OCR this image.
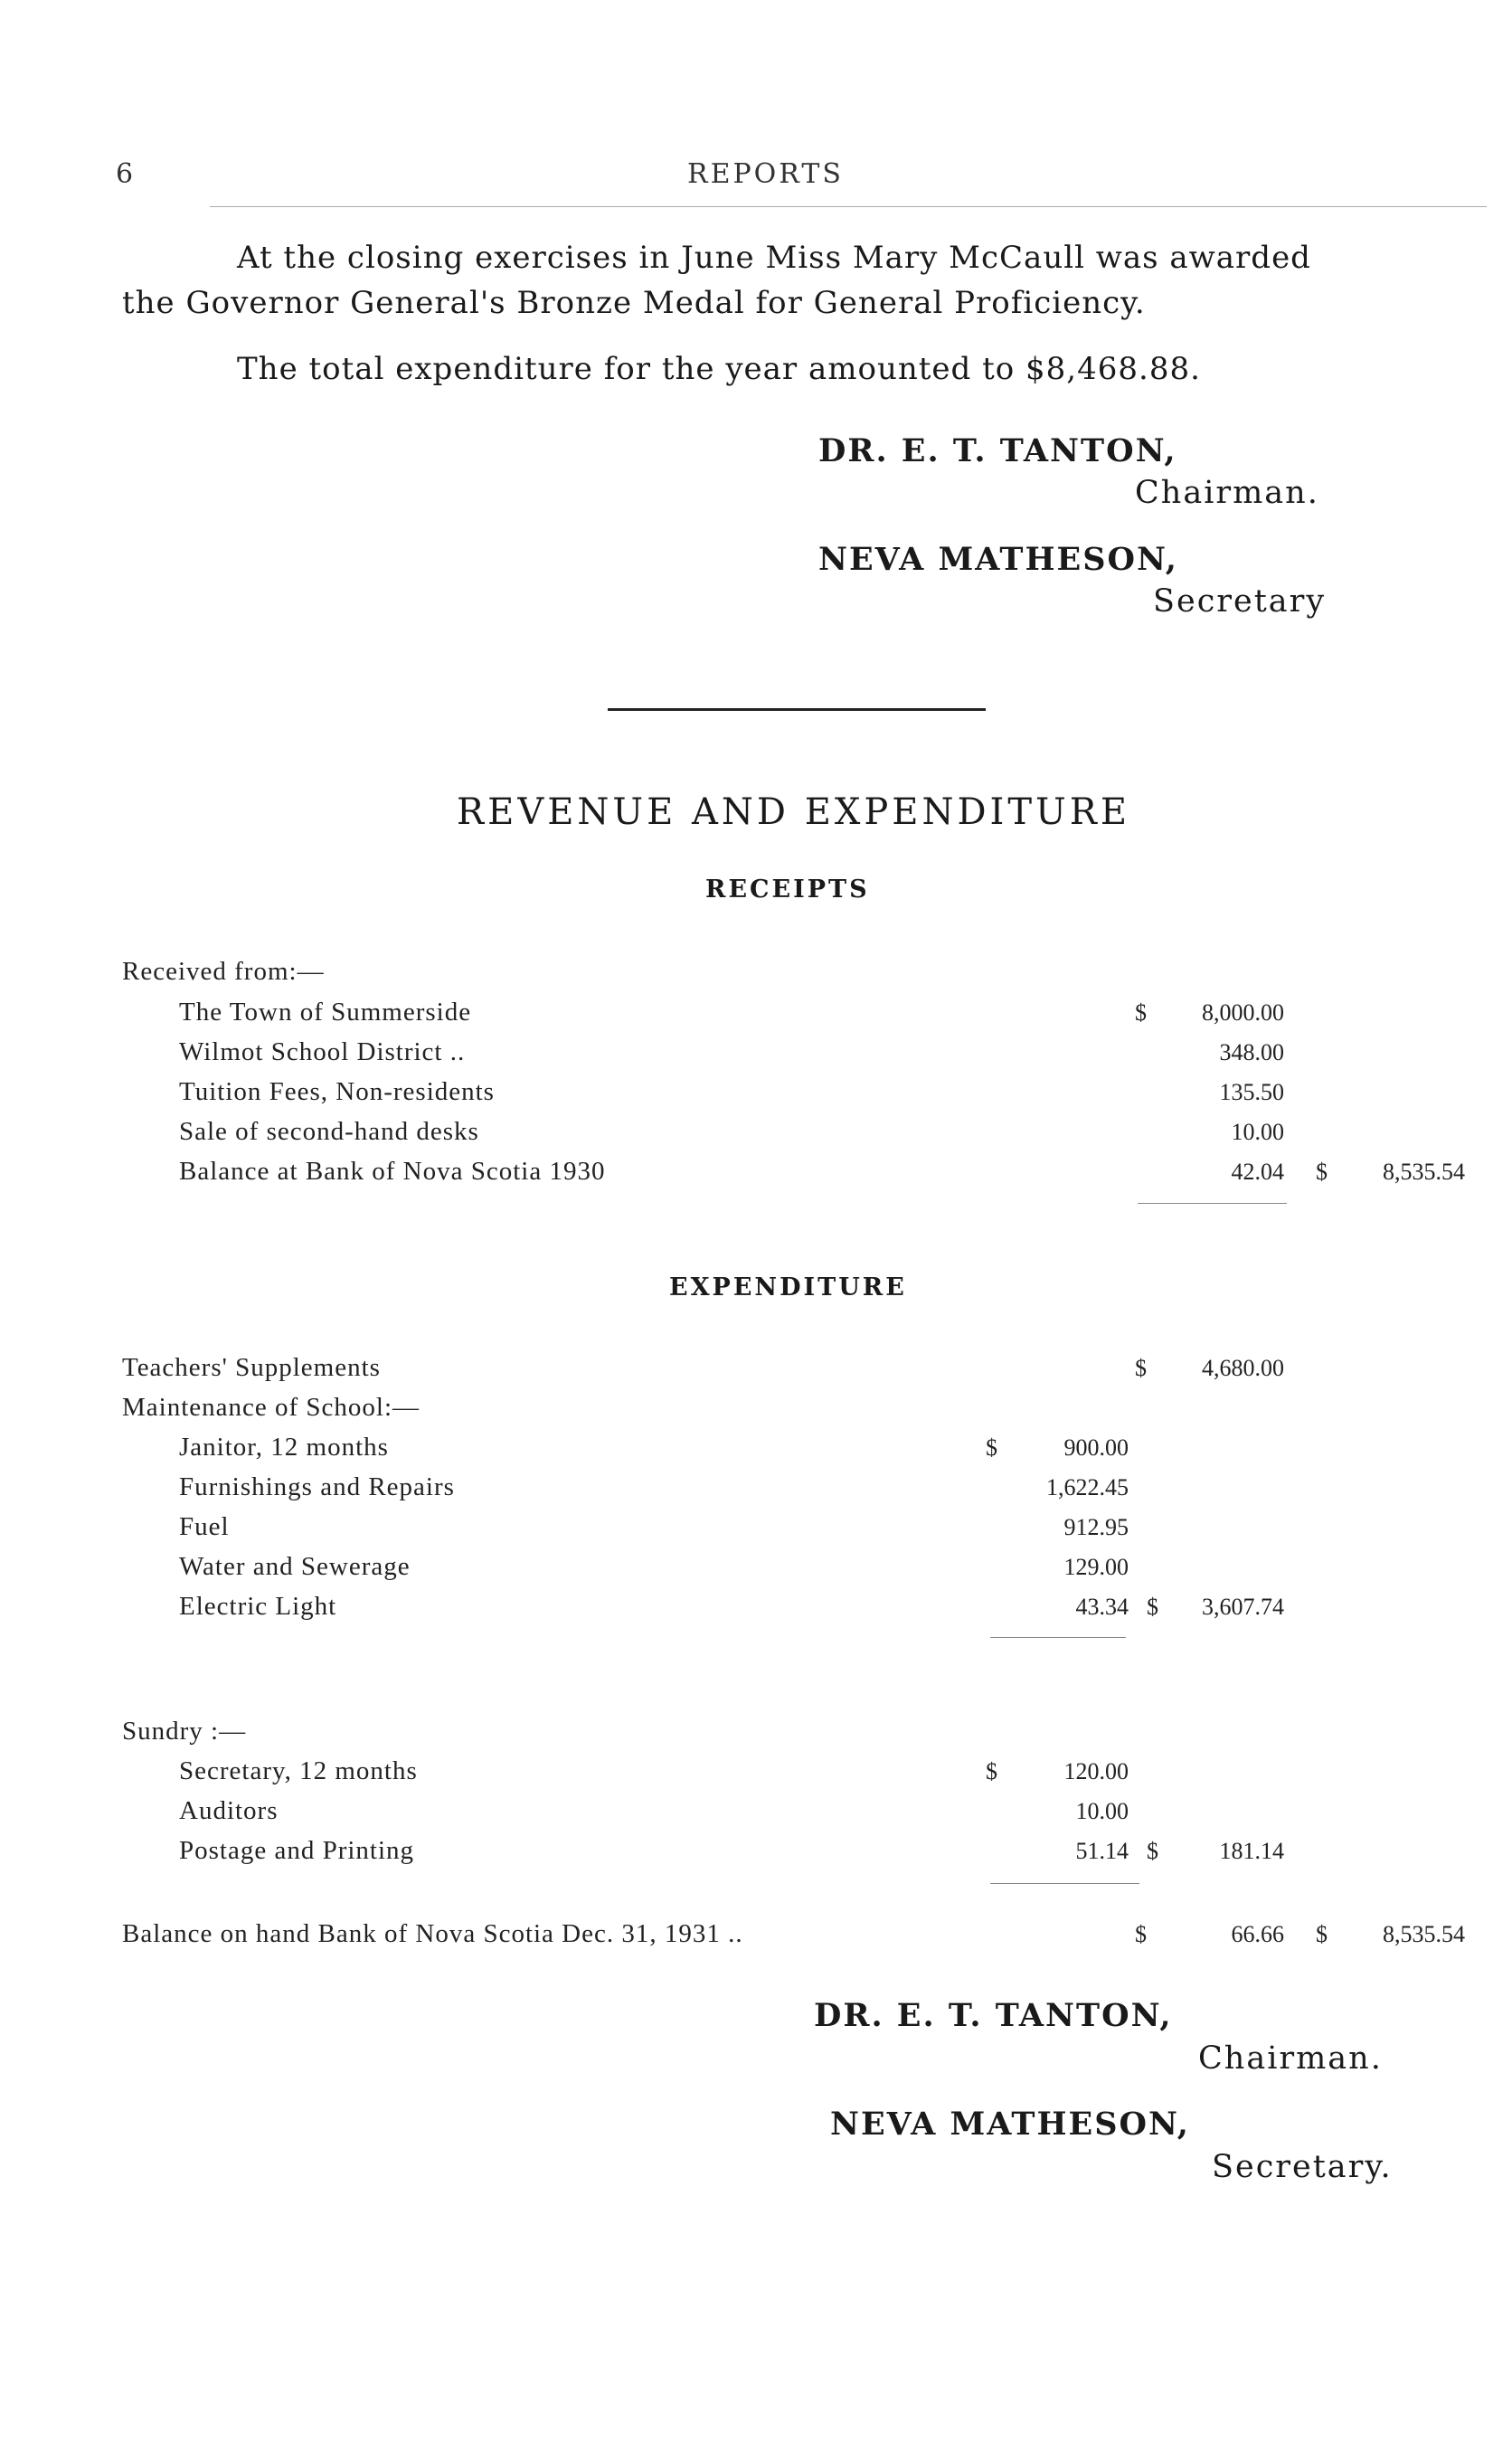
6	REPORTS
At the closing exercises in June Miss Mary McCaull was awarded
the Governor General's Bronze Medal for General Proficiency.
The total expenditure for the year amounted to $8,468.88.
DR. E. T. TANTON,
Chairman.
NEVA MATHESON,
Secretary
REVENUE AND EXPENDITURE
RECEIPTS
Received from:—
The Town of Summerside	$	8,000.00
Wilmot School District ..	348.00
Tuition Fees, Non-residents	135.50
Sale of second-hand desks	10.00
Balance at Bank of Nova Scotia 1930	42.04 $	8,535.54
EXPENDITURE
Teachers' Supplements	$	4,680.00
Maintenance of School:—
Janitor, 12 months	$	900.00
Furnishings and Repairs	1,622.45
Fuel	912.95
Water and Sewerage	129.00
Electric Light	43.34 $	3,607.74
Sundry :—
Secretary, 12 months	$	120.00
Auditors	10.00
Postage and Printing	51.14 $	181.14
Balance on hand Bank of Nova Scotia Dec. 31, 1931 ..	$	66.66 $	8,535.54
DR. E. T. TANTON,
Chairman.
NEVA MATHESON,
Secretary.
